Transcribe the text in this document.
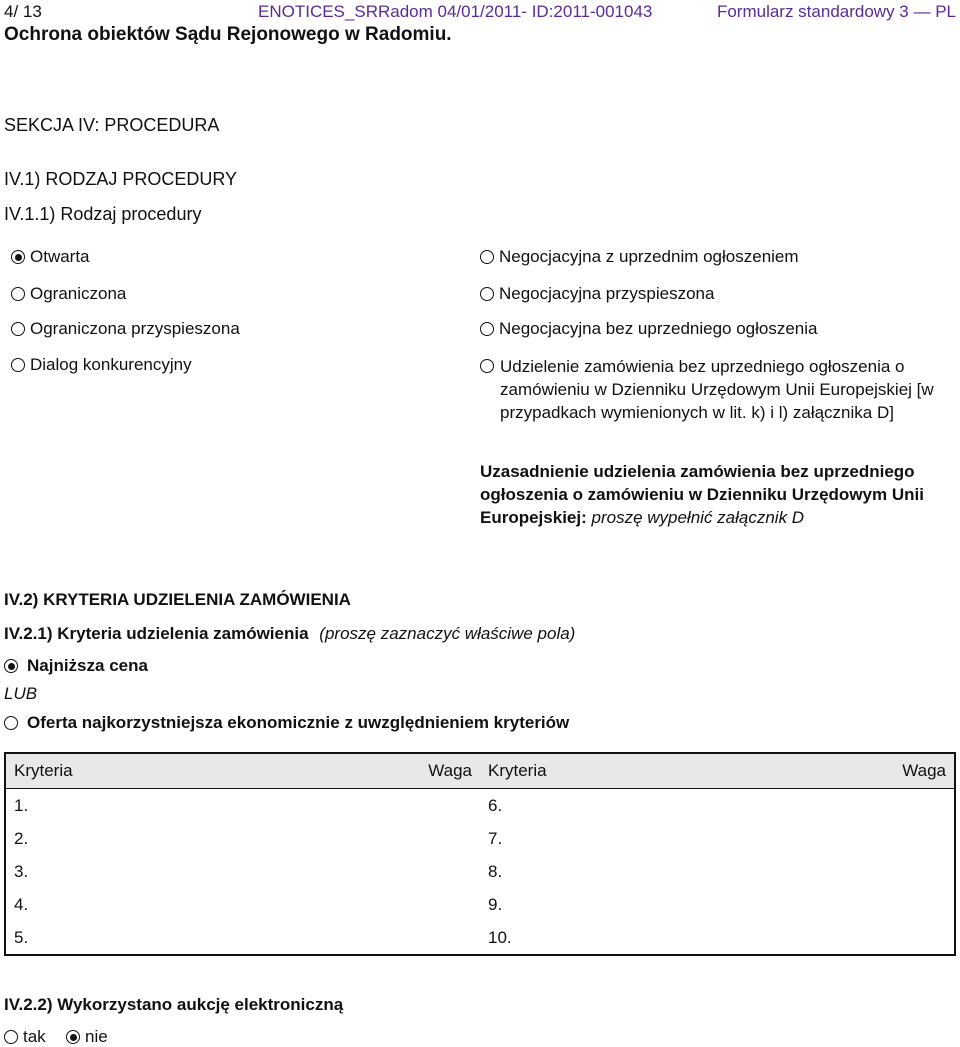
4/ 13	ENOTICES_SRRadom 04/01/2011- ID:2011-001043	Formularz standardowy 3 — PL
Ochrona obiektów Sądu Rejonowego w Radomiu.
SEKCJA IV: PROCEDURA
IV.1) RODZAJ PROCEDURY
IV.1.1) Rodzaj procedury
Otwarta
Ograniczona
Ograniczona przyspieszona
Dialog konkurencyjny
Negocjacyjna z uprzednim ogłoszeniem
Negocjacyjna przyspieszona
Negocjacyjna bez uprzedniego ogłoszenia
Udzielenie zamówienia bez uprzedniego ogłoszenia o zamówieniu w Dzienniku Urzędowym Unii Europejskiej [w przypadkach wymienionych w lit. k) i l) załącznika D]
Uzasadnienie udzielenia zamówienia bez uprzedniego ogłoszenia o zamówieniu w Dzienniku Urzędowym Unii Europejskiej: proszę wypełnić załącznik D
IV.2) KRYTERIA UDZIELENIA ZAMÓWIENIA
IV.2.1) Kryteria udzielenia zamówienia (proszę zaznaczyć właściwe pola)
Najniższa cena
LUB
Oferta najkorzystniejsza ekonomicznie z uwzględnieniem kryteriów
Kryteria	Waga	Kryteria	Waga
1.		6.	
2.		7.	
3.		8.	
4.		9.	
5.		10.	
IV.2.2) Wykorzystano aukcję elektroniczną
tak nie
